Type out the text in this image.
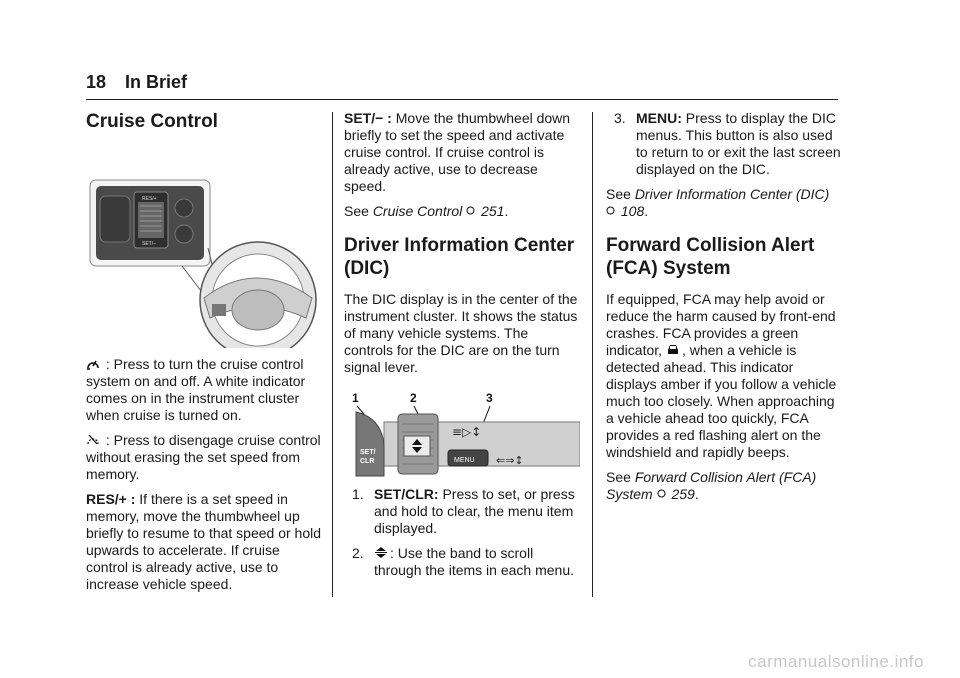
18 In Brief
Cruise Control
RES/+
SET/−

: Press to turn the cruise control system on and off. A white indicator comes on in the instrument cluster when cruise is turned on.

: Press to disengage cruise control without erasing the set speed from memory.

RES/+ : If there is a set speed in memory, move the thumbwheel up briefly to resume to that speed or hold upwards to accelerate. If cruise control is already active, use to increase vehicle speed.

SET/− : Move the thumbwheel down briefly to set the speed and activate cruise control. If cruise control is already active, use to decrease speed.

See Cruise Control  251.

Driver Information Center (DIC)

The DIC display is in the center of the instrument cluster. It shows the status of many vehicle systems. The controls for the DIC are on the turn signal lever.

1	2	3
SET/
CLR	MENU
≡▷↕
⇐⇒↕
1. SET/CLR: Press to set, or press and hold to clear, the menu item displayed.
2. : Use the band to scroll through the items in each menu.
3. MENU: Press to display the DIC menus. This button is also used to return to or exit the last screen displayed on the DIC.

See Driver Information Center (DIC)
108.

Forward Collision Alert (FCA) System

If equipped, FCA may help avoid or reduce the harm caused by front-end crashes. FCA provides a green indicator, , when a vehicle is detected ahead. This indicator displays amber if you follow a vehicle much too closely. When approaching a vehicle ahead too quickly, FCA provides a red flashing alert on the windshield and rapidly beeps.

See Forward Collision Alert (FCA) System  259.

carmanualsonline.info
